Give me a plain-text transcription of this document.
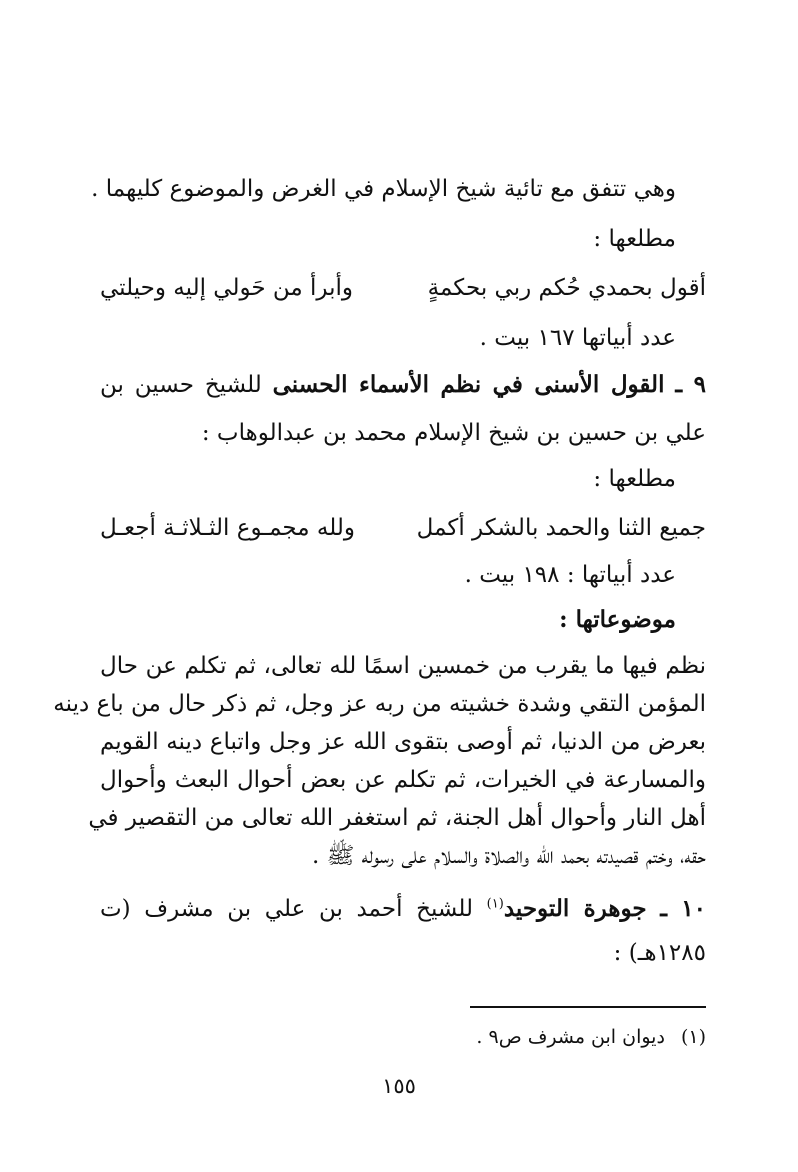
وهي تتفق مع تائية شيخ الإسلام في الغرض والموضوع كليهما .
مطلعها :
أقول بحمدي حُكم ربي بحكمةٍ
وأبرأ من حَولي إليه وحيلتي
عدد أبياتها ١٦٧ بيت .
٩ ـ القول الأسنى في نظم الأسماء الحسنى للشيخ حسين بن
علي بن حسين بن شيخ الإسلام محمد بن عبدالوهاب :
مطلعها :
جميع الثنا والحمد بالشكر أكمل
ولله مجمـوع الثـلاثـة أجعـل
عدد أبياتها : ١٩٨ بيت .
موضوعاتها :
نظم فيها ما يقرب من خمسين اسمًا لله تعالى، ثم تكلم عن حال
المؤمن التقي وشدة خشيته من ربه عز وجل، ثم ذكر حال من باع دينه
بعرض من الدنيا، ثم أوصى بتقوى الله عز وجل واتباع دينه القويم
والمسارعة في الخيرات، ثم تكلم عن بعض أحوال البعث وأحوال
أهل النار وأحوال أهل الجنة، ثم استغفر الله تعالى من التقصير في
حقه، وختم قصيدته بحمد الله والصلاة والسلام على رسوله ﷺ .
١٠ ـ جوهرة التوحيد$^{(١)}$ للشيخ أحمد بن علي بن مشرف (ت
١٢٨٥هـ) :
(١)ديوان ابن مشرف ص٩ .
١٥٥
